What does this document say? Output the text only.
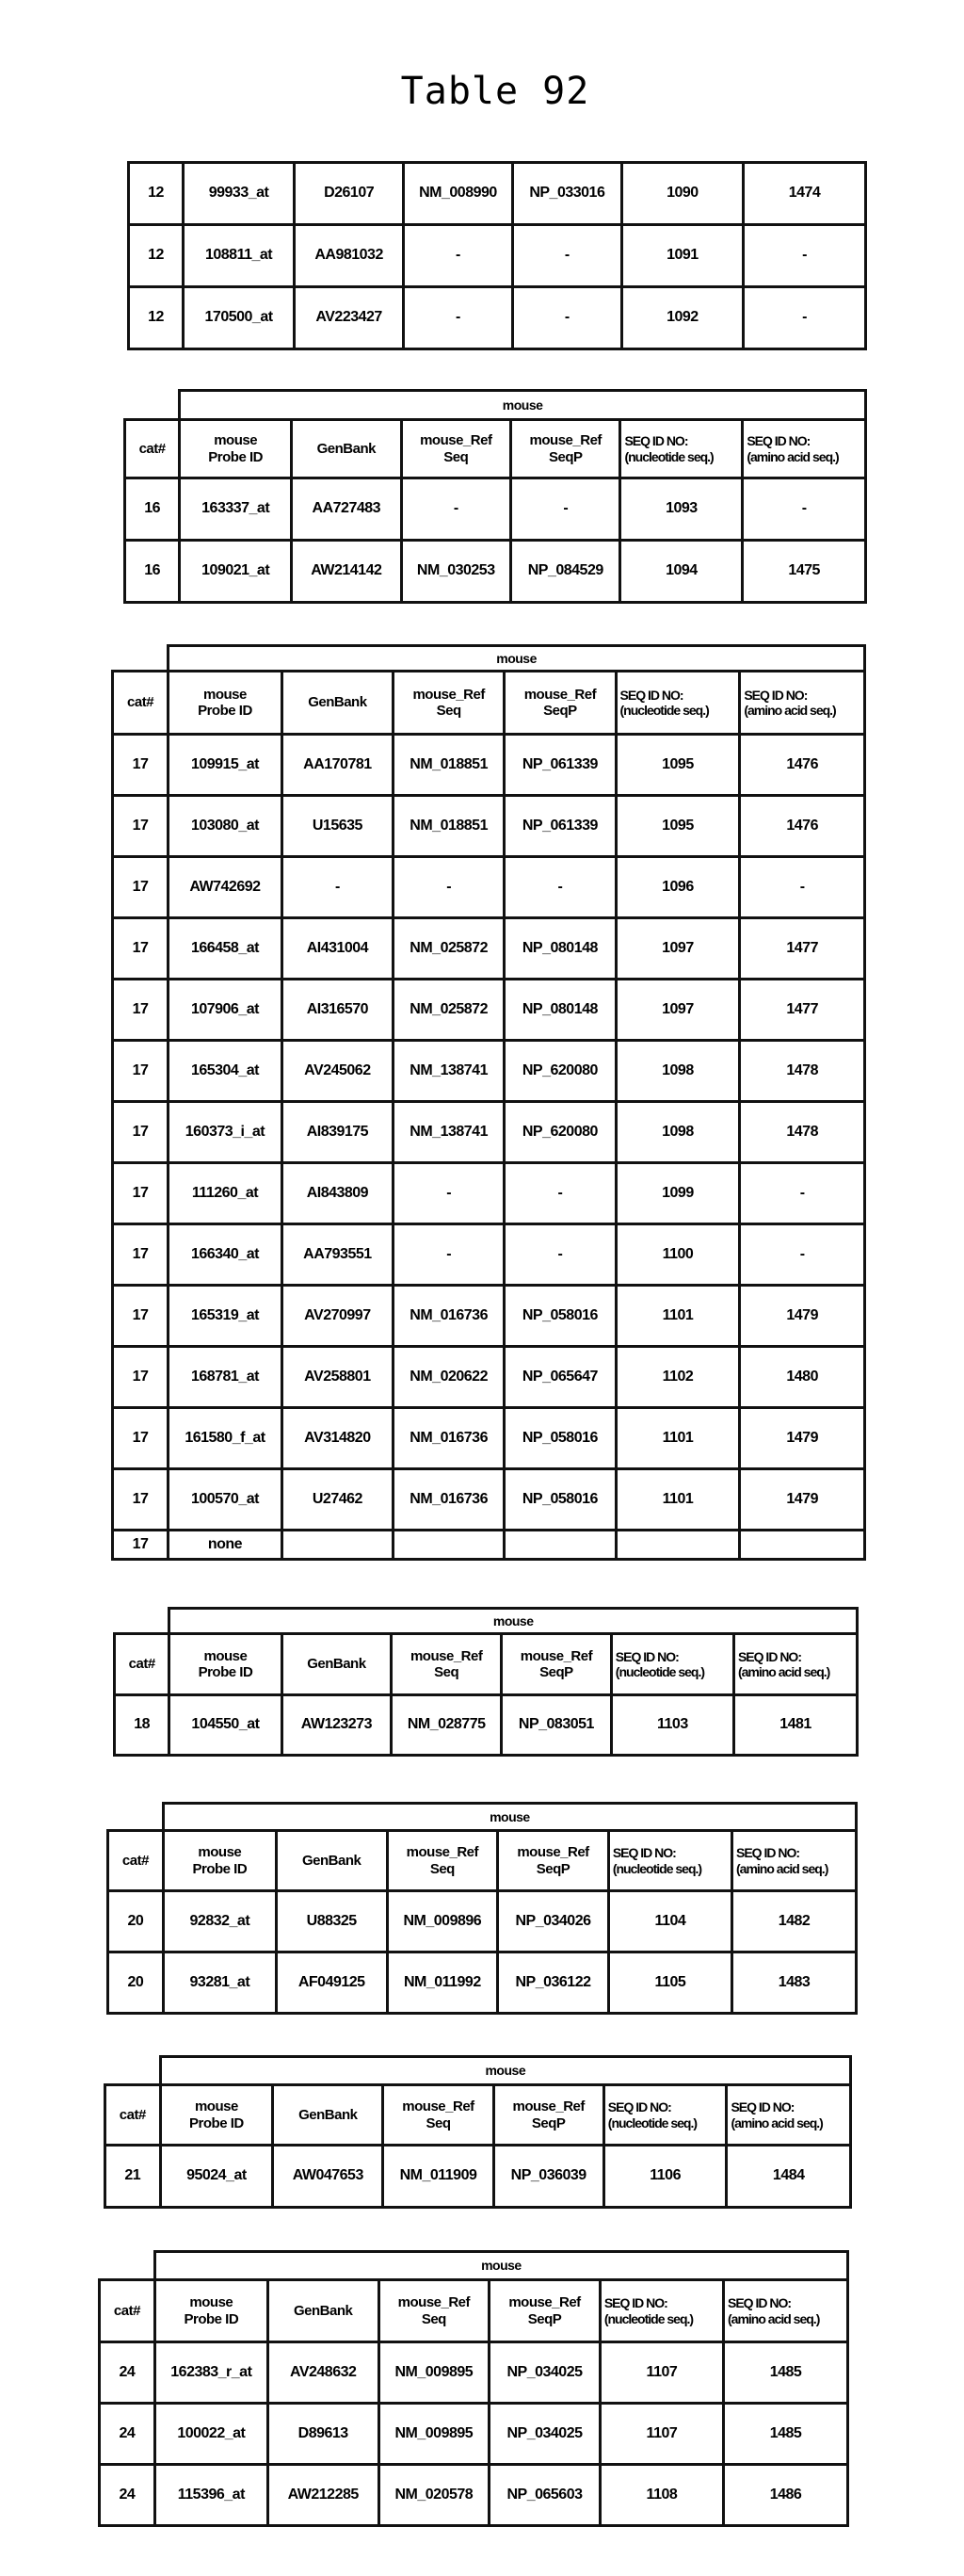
Table 92
12	99933_at	D26107	NM_008990	NP_033016	1090	1474
12	108811_at	AA981032	-	-	1091	-
12	170500_at	AV223427	-	-	1092	-
	mouse
cat#	mouse
Probe ID	GenBank	mouse_Ref
Seq	mouse_Ref
SeqP	SEQ ID NO:
(nucleotide seq.)	SEQ ID NO:
(amino acid seq.)
16	163337_at	AA727483	-	-	1093	-
16	109021_at	AW214142	NM_030253	NP_084529	1094	1475
	mouse
cat#	mouse
Probe ID	GenBank	mouse_Ref
Seq	mouse_Ref
SeqP	SEQ ID NO:
(nucleotide seq.)	SEQ ID NO:
(amino acid seq.)
17	109915_at	AA170781	NM_018851	NP_061339	1095	1476
17	103080_at	U15635	NM_018851	NP_061339	1095	1476
17	AW742692	-	-	-	1096	-
17	166458_at	AI431004	NM_025872	NP_080148	1097	1477
17	107906_at	AI316570	NM_025872	NP_080148	1097	1477
17	165304_at	AV245062	NM_138741	NP_620080	1098	1478
17	160373_i_at	AI839175	NM_138741	NP_620080	1098	1478
17	111260_at	AI843809	-	-	1099	-
17	166340_at	AA793551	-	-	1100	-
17	165319_at	AV270997	NM_016736	NP_058016	1101	1479
17	168781_at	AV258801	NM_020622	NP_065647	1102	1480
17	161580_f_at	AV314820	NM_016736	NP_058016	1101	1479
17	100570_at	U27462	NM_016736	NP_058016	1101	1479
17	none					
	mouse
cat#	mouse
Probe ID	GenBank	mouse_Ref
Seq	mouse_Ref
SeqP	SEQ ID NO:
(nucleotide seq.)	SEQ ID NO:
(amino acid seq.)
18	104550_at	AW123273	NM_028775	NP_083051	1103	1481
	mouse
cat#	mouse
Probe ID	GenBank	mouse_Ref
Seq	mouse_Ref
SeqP	SEQ ID NO:
(nucleotide seq.)	SEQ ID NO:
(amino acid seq.)
20	92832_at	U88325	NM_009896	NP_034026	1104	1482
20	93281_at	AF049125	NM_011992	NP_036122	1105	1483
	mouse
cat#	mouse
Probe ID	GenBank	mouse_Ref
Seq	mouse_Ref
SeqP	SEQ ID NO:
(nucleotide seq.)	SEQ ID NO:
(amino acid seq.)
21	95024_at	AW047653	NM_011909	NP_036039	1106	1484
	mouse
cat#	mouse
Probe ID	GenBank	mouse_Ref
Seq	mouse_Ref
SeqP	SEQ ID NO:
(nucleotide seq.)	SEQ ID NO:
(amino acid seq.)
24	162383_r_at	AV248632	NM_009895	NP_034025	1107	1485
24	100022_at	D89613	NM_009895	NP_034025	1107	1485
24	115396_at	AW212285	NM_020578	NP_065603	1108	1486
